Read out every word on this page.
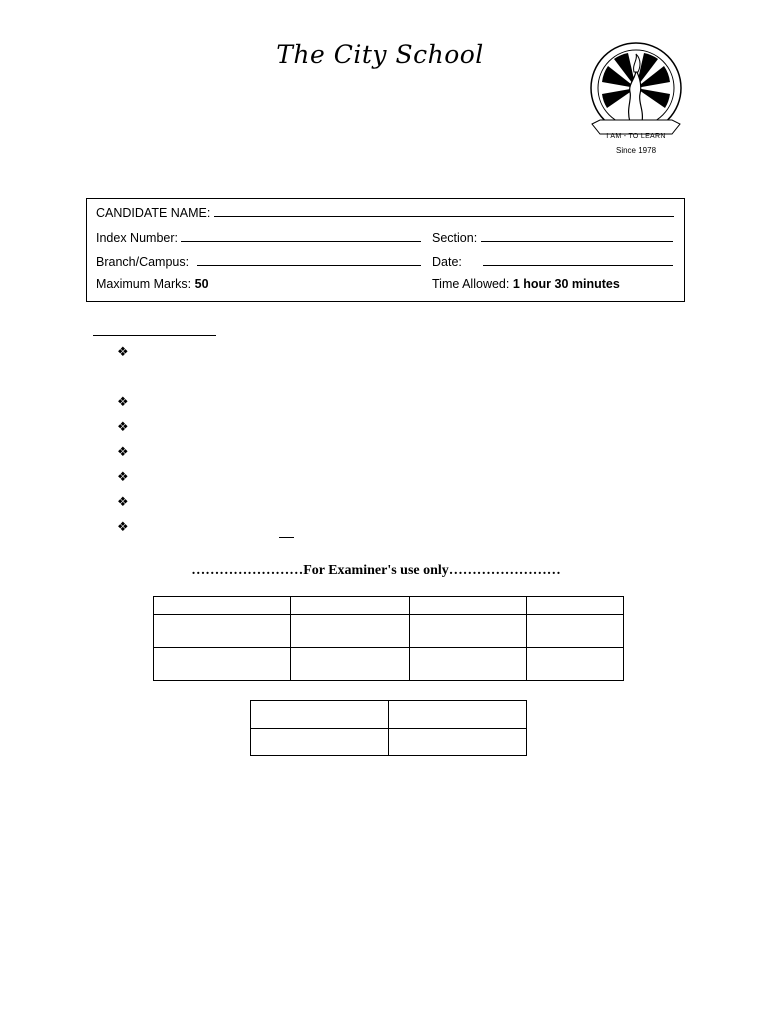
The City School
I AM - TO LEARN
Since 1978
CANDIDATE NAME:
Index Number:	Section:
Branch/Campus:	Date:
Maximum Marks: 50	Time Allowed: 1 hour 30 minutes
❖
❖
❖
❖
❖
❖
❖
……………………For Examiner's use only……………………
